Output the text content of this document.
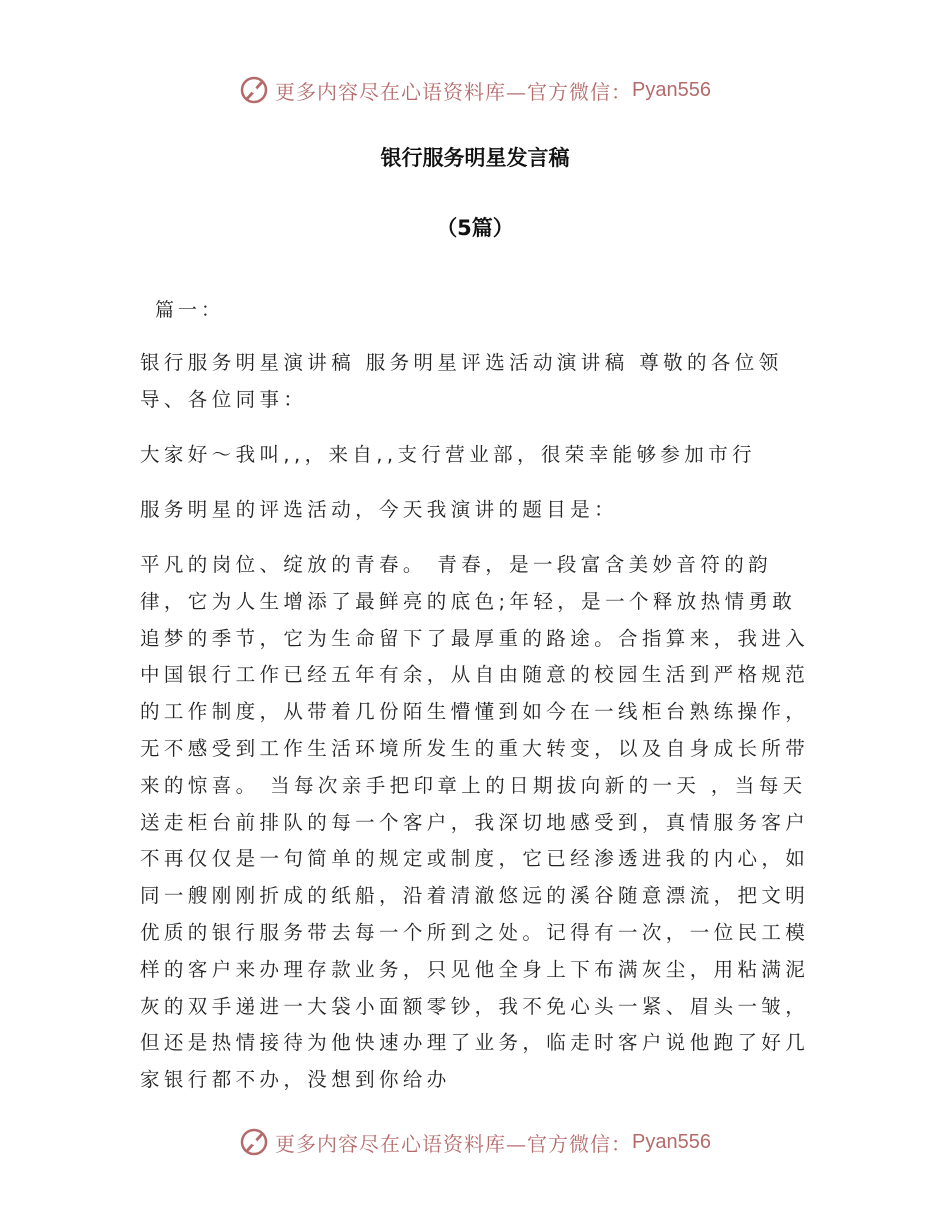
更多内容尽在心语资料库—官方微信： Pyan556
银行服务明星发言稿
（5篇）
篇一：

银行服务明星演讲稿 服务明星评选活动演讲稿 尊敬的各位领导、各位同事：

大家好～我叫,,，来自,,支行营业部，很荣幸能够参加市行

服务明星的评选活动，今天我演讲的题目是：

平凡的岗位、绽放的青春。 青春，是一段富含美妙音符的韵律，它为人生增添了最鲜亮的底色;年轻，是一个释放热情勇敢追梦的季节，它为生命留下了最厚重的路途。合指算来，我进入中国银行工作已经五年有余，从自由随意的校园生活到严格规范的工作制度，从带着几份陌生懵懂到如今在一线柜台熟练操作，无不感受到工作生活环境所发生的重大转变，以及自身成长所带来的惊喜。 当每次亲手把印章上的日期拔向新的一天 ，当每天送走柜台前排队的每一个客户，我深切地感受到，真情服务客户不再仅仅是一句简单的规定或制度，它已经渗透进我的内心，如同一艘刚刚折成的纸船，沿着清澈悠远的溪谷随意漂流，把文明优质的银行服务带去每一个所到之处。记得有一次，一位民工模样的客户来办理存款业务，只见他全身上下布满灰尘，用粘满泥灰的双手递进一大袋小面额零钞，我不免心头一紧、眉头一皱， 但还是热情接待为他快速办理了业务，临走时客户说他跑了好几家银行都不办，没想到你给办

更多内容尽在心语资料库—官方微信： Pyan556
